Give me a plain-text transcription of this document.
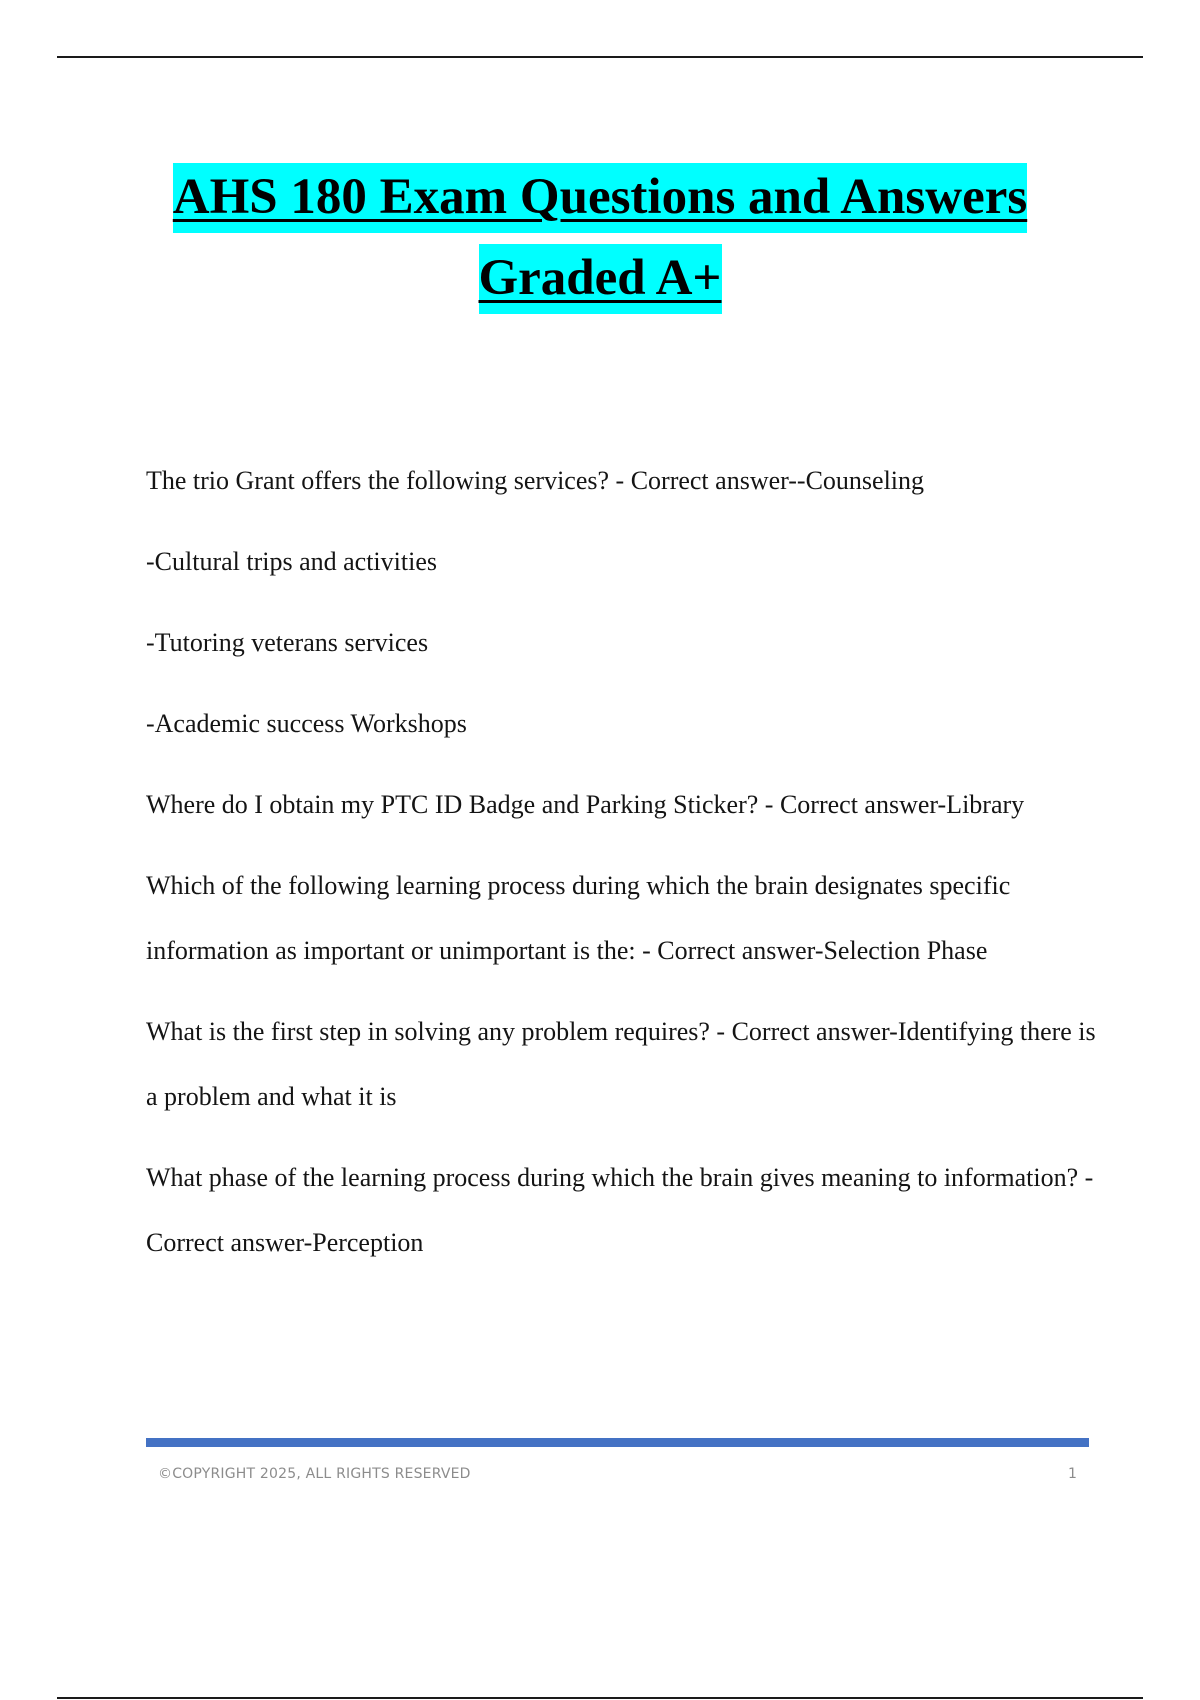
AHS 180 Exam Questions and Answers
Graded A+

The trio Grant offers the following services? - Correct answer--Counseling

-Cultural trips and activities

-Tutoring veterans services

-Academic success Workshops

Where do I obtain my PTC ID Badge and Parking Sticker? - Correct answer-Library

Which of the following learning process during which the brain designates specific information as important or unimportant is the: - Correct answer-Selection Phase

What is the first step in solving any problem requires? - Correct answer-Identifying there is a problem and what it is

What phase of the learning process during which the brain gives meaning to information? - Correct answer-Perception

©COPYRIGHT 2025, ALL RIGHTS RESERVED	1
